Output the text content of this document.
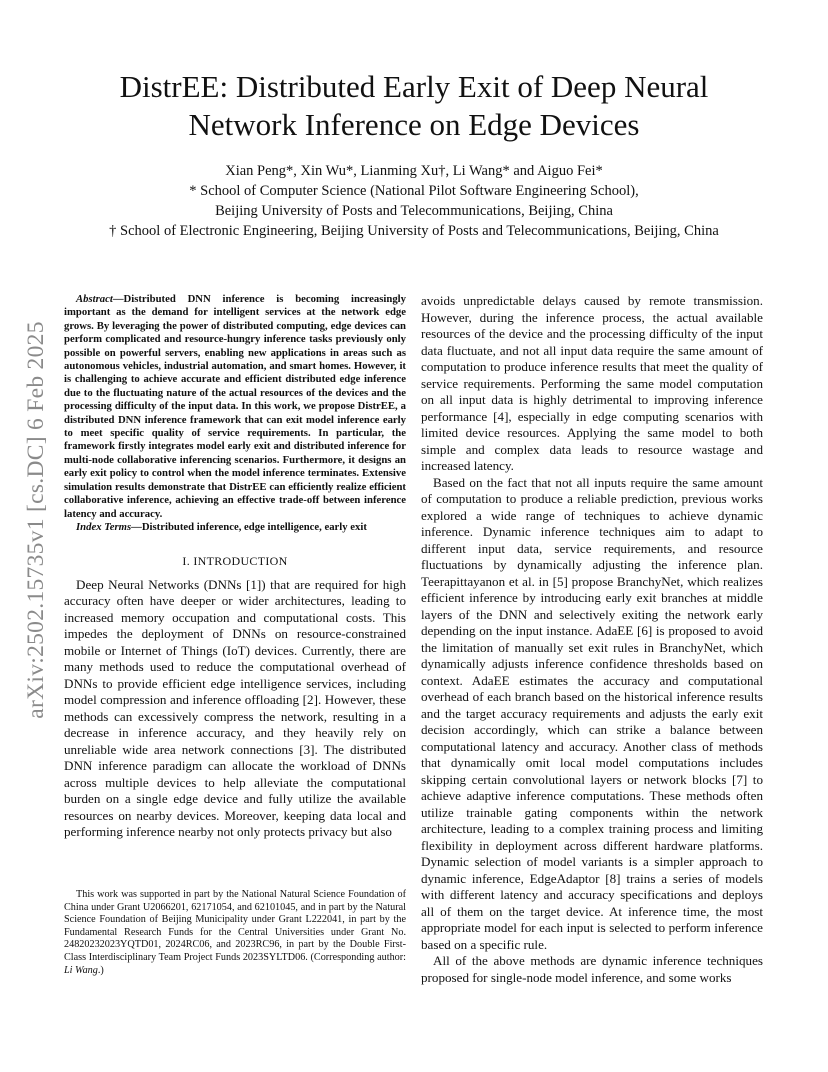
arXiv:2502.15735v1 [cs.DC] 6 Feb 2025
DistrEE: Distributed Early Exit of Deep Neural
Network Inference on Edge Devices
Xian Peng*, Xin Wu*, Lianming Xu†, Li Wang* and Aiguo Fei*
* School of Computer Science (National Pilot Software Engineering School),
Beijing University of Posts and Telecommunications, Beijing, China
† School of Electronic Engineering, Beijing University of Posts and Telecommunications, Beijing, China

Abstract—Distributed DNN inference is becoming increasingly important as the demand for intelligent services at the network edge grows. By leveraging the power of distributed computing, edge devices can perform complicated and resource-hungry inference tasks previously only possible on powerful servers, enabling new applications in areas such as autonomous vehicles, industrial automation, and smart homes. However, it is challenging to achieve accurate and efficient distributed edge inference due to the fluctuating nature of the actual resources of the devices and the processing difficulty of the input data. In this work, we propose DistrEE, a distributed DNN inference framework that can exit model inference early to meet specific quality of service requirements. In particular, the framework firstly integrates model early exit and distributed inference for multi-node collaborative inferencing scenarios. Furthermore, it designs an early exit policy to control when the model inference terminates. Extensive simulation results demonstrate that DistrEE can efficiently realize efficient collaborative inference, achieving an effective trade-off between inference latency and accuracy.

Index Terms—Distributed inference, edge intelligence, early exit

I. INTRODUCTION

Deep Neural Networks (DNNs [1]) that are required for high accuracy often have deeper or wider architectures, leading to increased memory occupation and computational costs. This impedes the deployment of DNNs on resource-constrained mobile or Internet of Things (IoT) devices. Currently, there are many methods used to reduce the computational overhead of DNNs to provide efficient edge intelligence services, including model compression and inference offloading [2]. However, these methods can excessively compress the network, resulting in a decrease in inference accuracy, and they heavily rely on unreliable wide area network connections [3]. The distributed DNN inference paradigm can allocate the workload of DNNs across multiple devices to help alleviate the computational burden on a single edge device and fully utilize the available resources on nearby devices. Moreover, keeping data local and performing inference nearby not only protects privacy but also

This work was supported in part by the National Natural Science Foundation of China under Grant U2066201, 62171054, and 62101045, and in part by the Natural Science Foundation of Beijing Municipality under Grant L222041, in part by the Fundamental Research Funds for the Central Universities under Grant No. 24820232023YQTD01, 2024RC06, and 2023RC96, in part by the Double First-Class Interdisciplinary Team Project Funds 2023SYLTD06. (Corresponding author: Li Wang.)

avoids unpredictable delays caused by remote transmission. However, during the inference process, the actual available resources of the device and the processing difficulty of the input data fluctuate, and not all input data require the same amount of computation to produce inference results that meet the quality of service requirements. Performing the same model computation on all input data is highly detrimental to improving inference performance [4], especially in edge computing scenarios with limited device resources. Applying the same model to both simple and complex data leads to resource wastage and increased latency.

Based on the fact that not all inputs require the same amount of computation to produce a reliable prediction, previous works explored a wide range of techniques to achieve dynamic inference. Dynamic inference techniques aim to adapt to different input data, service requirements, and resource fluctuations by dynamically adjusting the inference plan. Teerapittayanon et al. in [5] propose BranchyNet, which realizes efficient inference by introducing early exit branches at middle layers of the DNN and selectively exiting the network early depending on the input instance. AdaEE [6] is proposed to avoid the limitation of manually set exit rules in BranchyNet, which dynamically adjusts inference confidence thresholds based on context. AdaEE estimates the accuracy and computational overhead of each branch based on the historical inference results and the target accuracy requirements and adjusts the early exit decision accordingly, which can strike a balance between computational latency and accuracy. Another class of methods that dynamically omit local model computations includes skipping certain convolutional layers or network blocks [7] to achieve adaptive inference computations. These methods often utilize trainable gating components within the network architecture, leading to a complex training process and limiting flexibility in deployment across different hardware platforms. Dynamic selection of model variants is a simpler approach to dynamic inference, EdgeAdaptor [8] trains a series of models with different latency and accuracy specifications and deploys all of them on the target device. At inference time, the most appropriate model for each input is selected to perform inference based on a specific rule.

All of the above methods are dynamic inference techniques proposed for single-node model inference, and some works
